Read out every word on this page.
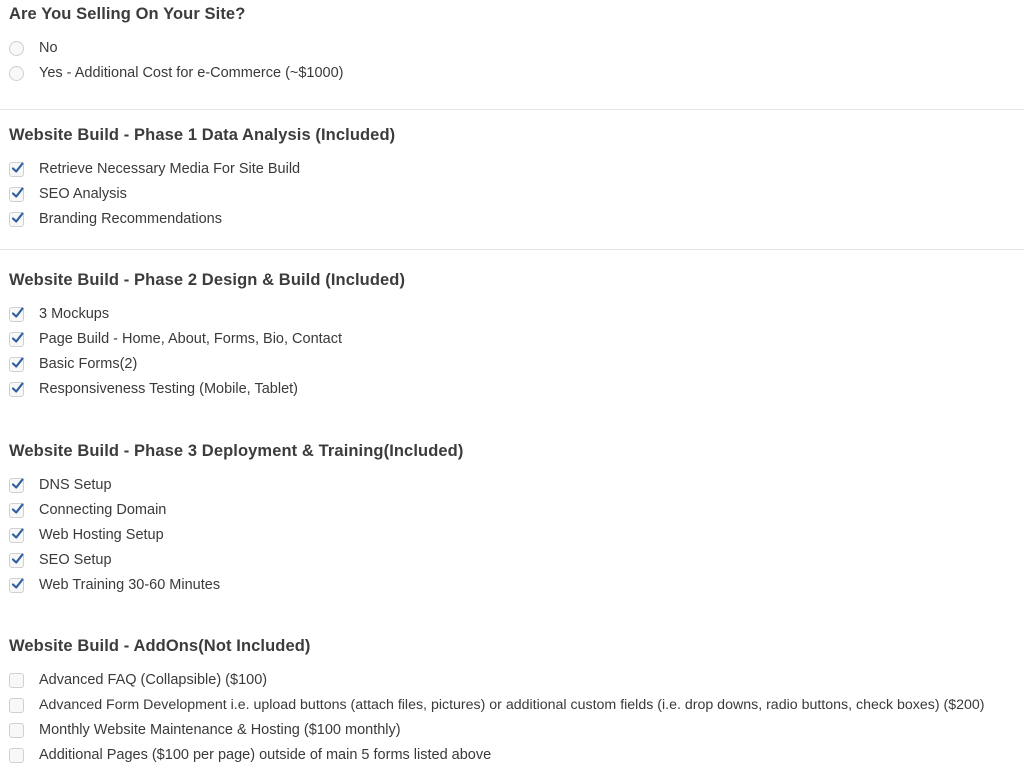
Are You Selling On Your Site?
No
Yes - Additional Cost for e-Commerce (~$1000)
Website Build - Phase 1 Data Analysis (Included)
Retrieve Necessary Media For Site Build
SEO Analysis
Branding Recommendations
Website Build - Phase 2 Design & Build (Included)
3 Mockups
Page Build - Home, About, Forms, Bio, Contact
Basic Forms(2)
Responsiveness Testing (Mobile, Tablet)
Website Build - Phase 3 Deployment & Training(Included)
DNS Setup
Connecting Domain
Web Hosting Setup
SEO Setup
Web Training 30-60 Minutes
Website Build - AddOns(Not Included)
Advanced FAQ (Collapsible) ($100)
Advanced Form Development i.e. upload buttons (attach files, pictures) or additional custom fields (i.e. drop downs, radio buttons, check boxes) ($200)
Monthly Website Maintenance & Hosting ($100 monthly)
Additional Pages ($100 per page) outside of main 5 forms listed above
